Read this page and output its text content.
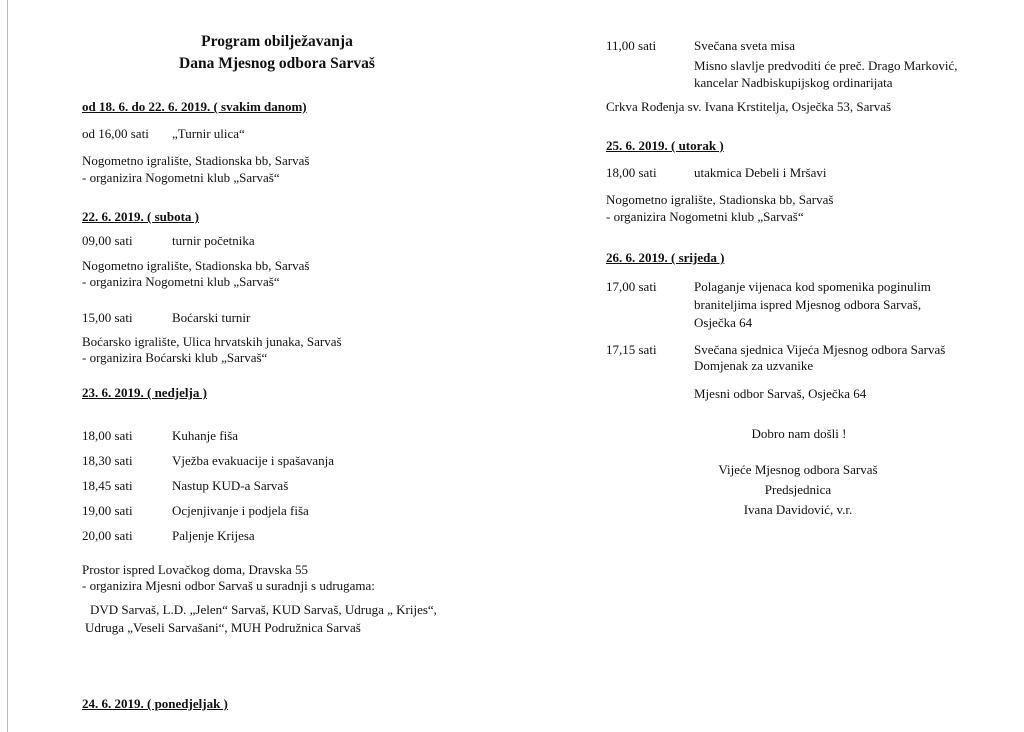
Program obilježavanja
Dana Mjesnog odbora Sarvaš
od 18. 6. do 22. 6. 2019. ( svakim danom)
od 16,00 sati „Turnir ulica“
Nogometno igralište, Stadionska bb, Sarvaš
- organizira Nogometni klub „Sarvaš“
22. 6. 2019. ( subota )
09,00 sati	turnir početnika
Nogometno igralište, Stadionska bb, Sarvaš
- organizira Nogometni klub „Sarvaš“
15,00 sati	Boćarski turnir
Boćarsko igralište, Ulica hrvatskih junaka, Sarvaš
- organizira Boćarski klub „Sarvaš“
23. 6. 2019. ( nedjelja )
18,00 sati	Kuhanje fiša
18,30 sati	Vježba evakuacije i spašavanja
18,45 sati	Nastup KUD-a Sarvaš
19,00 sati	Ocjenjivanje i podjela fiša
20,00 sati	Paljenje Krijesa
Prostor ispred Lovačkog doma, Dravska 55
- organizira Mjesni odbor Sarvaš u suradnji s udrugama:
DVD Sarvaš, L.D. „Jelen“ Sarvaš, KUD Sarvaš, Udruga „ Krijes“,
Udruga „Veseli Sarvašani“, MUH Podružnica Sarvaš
24. 6. 2019. ( ponedjeljak )
11,00 sati	Svečana sveta misa
Misno slavlje predvoditi će preč. Drago Marković,
kancelar Nadbiskupijskog ordinarijata
Crkva Rođenja sv. Ivana Krstitelja, Osječka 53, Sarvaš
25. 6. 2019. ( utorak )
18,00 sati	utakmica Debeli i Mršavi
Nogometno igralište, Stadionska bb, Sarvaš
- organizira Nogometni klub „Sarvaš“
26. 6. 2019. ( srijeda )
17,00 sati	Polaganje vijenaca kod spomenika poginulim
braniteljima ispred Mjesnog odbora Sarvaš,
Osječka 64
17,15 sati	Svečana sjednica Vijeća Mjesnog odbora Sarvaš
Domjenak za uzvanike
Mjesni odbor Sarvaš, Osječka 64
Dobro nam došli !
Vijeće Mjesnog odbora Sarvaš
Predsjednica
Ivana Davidović, v.r.
